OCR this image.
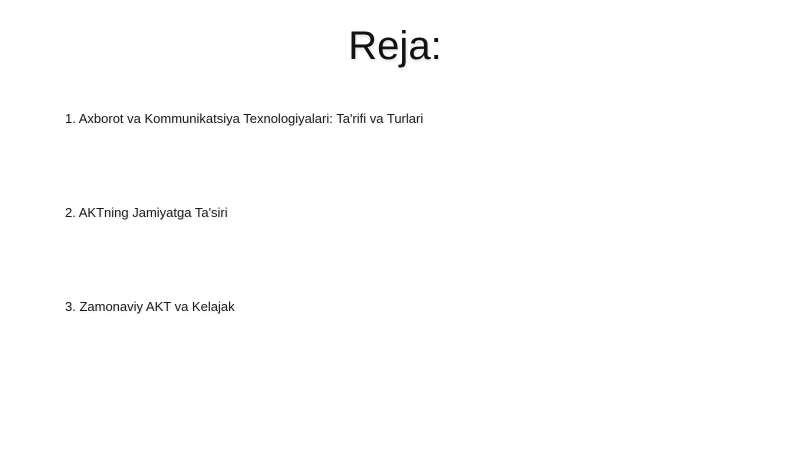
Reja:
1. Axborot va Kommunikatsiya Texnologiyalari: Ta'rifi va Turlari
2. AKTning Jamiyatga Ta'siri
3. Zamonaviy AKT va Kelajak
